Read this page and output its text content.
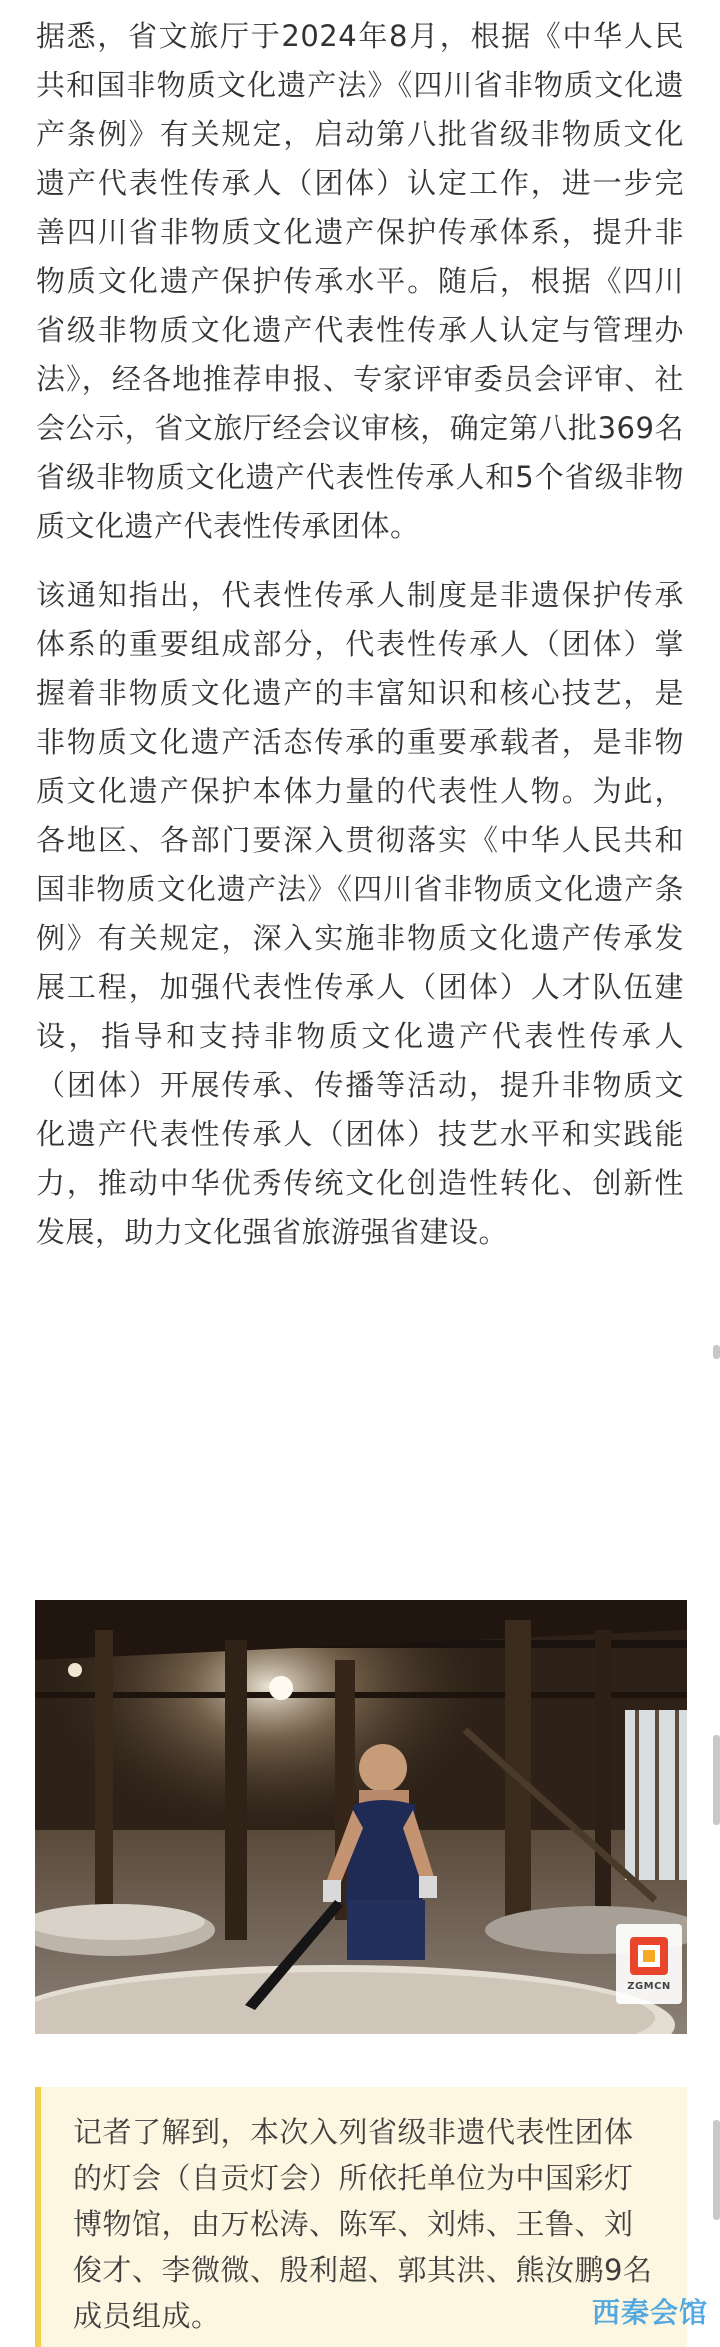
据悉，省文旅厅于2024年8月，根据《中华人民共和国非物质文化遗产法》《四川省非物质文化遗产条例》有关规定，启动第八批省级非物质文化遗产代表性传承人（团体）认定工作，进一步完善四川省非物质文化遗产保护传承体系，提升非物质文化遗产保护传承水平。随后，根据《四川省级非物质文化遗产代表性传承人认定与管理办法》，经各地推荐申报、专家评审委员会评审、社会公示，省文旅厅经会议审核，确定第八批369名省级非物质文化遗产代表性传承人和5个省级非物质文化遗产代表性传承团体。

该通知指出，代表性传承人制度是非遗保护传承体系的重要组成部分，代表性传承人（团体）掌握着非物质文化遗产的丰富知识和核心技艺，是非物质文化遗产活态传承的重要承载者，是非物质文化遗产保护本体力量的代表性人物。为此，各地区、各部门要深入贯彻落实《中华人民共和国非物质文化遗产法》《四川省非物质文化遗产条例》有关规定，深入实施非物质文化遗产传承发展工程，加强代表性传承人（团体）人才队伍建设，指导和支持非物质文化遗产代表性传承人（团体）开展传承、传播等活动，提升非物质文化遗产代表性传承人（团体）技艺水平和实践能力，推动中华优秀传统文化创造性转化、创新性发展，助力文化强省旅游强省建设。

ZGMCN

记者了解到，本次入列省级非遗代表性团体的灯会（自贡灯会）所依托单位为中国彩灯博物馆，由万松涛、陈军、刘炜、王鲁、刘俊才、李微微、殷利超、郭其洪、熊汝鹏9名成员组成。	西秦会馆
